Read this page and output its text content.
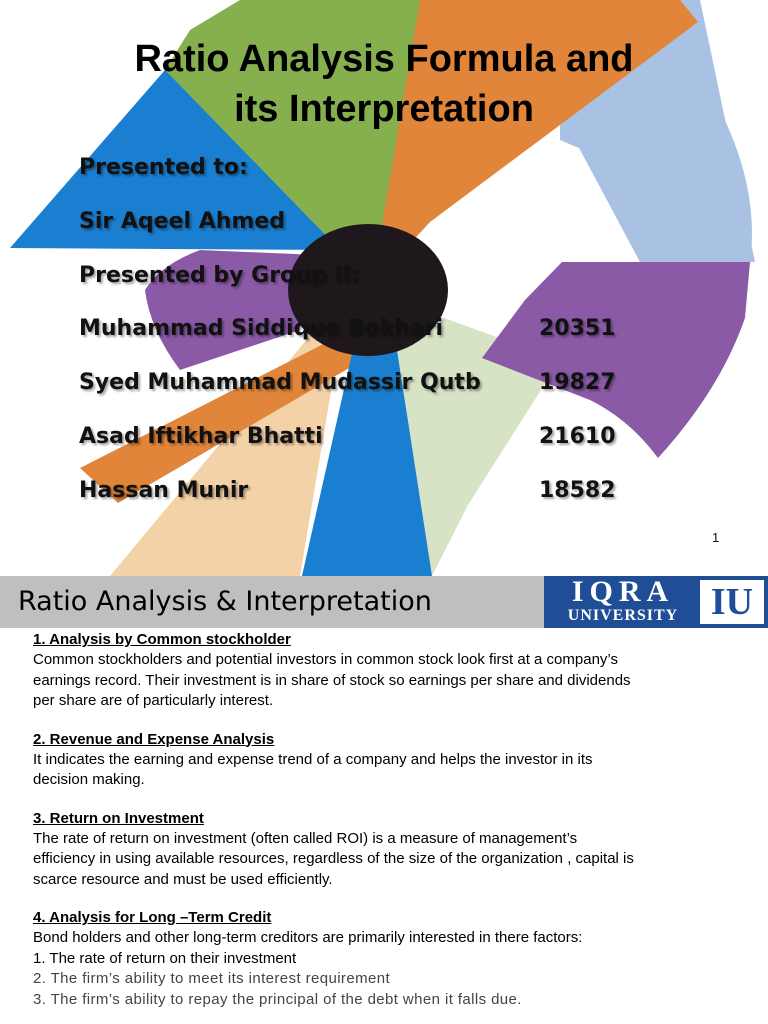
Ratio Analysis Formula and
its Interpretation

Presented to:

Sir Aqeel Ahmed

Presented by Group II:

Muhammad Siddique Bokhari	20351

Syed Muhammad Mudassir Qutb	19827

Asad Iftikhar Bhatti	21610

Hassan Munir	18582

1
Ratio Analysis & Interpretation	IQRA
UNIVERSITY IU
1. Analysis by Common stockholder

Common stockholders and potential investors in common stock look first at a company’s

earnings record. Their investment is in share of stock so earnings per share and dividends

per share are of particularly interest.

2. Revenue and Expense Analysis

It indicates the earning and expense trend of a company and helps the investor in its

decision making.

3. Return on Investment

The rate of return on investment (often called ROI) is a measure of management’s

efficiency in using available resources, regardless of the size of the organization , capital is

scarce resource and must be used efficiently.

4. Analysis for Long –Term Credit

Bond holders and other long-term creditors are primarily interested in there factors:

1. The rate of return on their investment

2. The firm’s ability to meet its interest requirement

3. The firm’s ability to repay the principal of the debt when it falls due.
